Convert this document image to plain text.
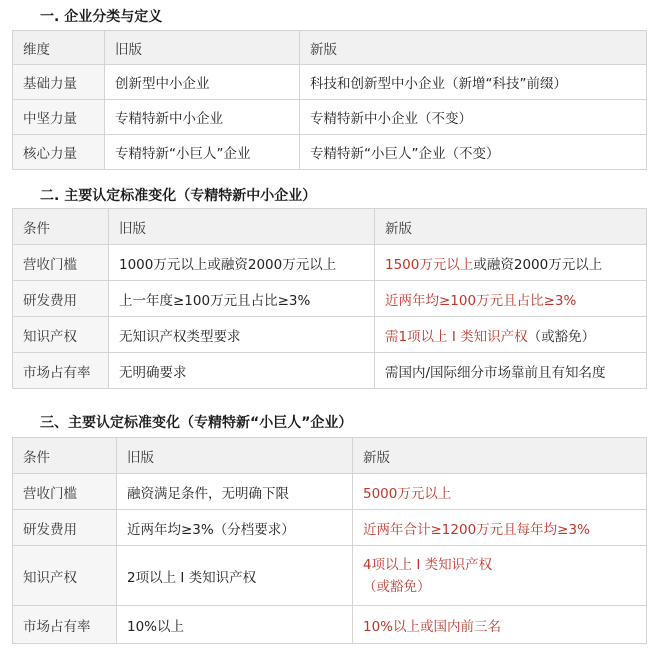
一. 企业分类与定义
维度	旧版	新版
基础力量	创新型中小企业	科技和创新型中小企业（新增“科技”前缀）
中坚力量	专精特新中小企业	专精特新中小企业（不变）
核心力量	专精特新“小巨人”企业	专精特新“小巨人”企业（不变）
二. 主要认定标准变化（专精特新中小企业）
条件	旧版	新版
营收门槛	1000万元以上或融资2000万元以上	1500万元以上或融资2000万元以上
研发费用	上一年度≥100万元且占比≥3%	近两年均≥100万元且占比≥3%
知识产权	无知识产权类型要求	需1项以上 I 类知识产权（或豁免）
市场占有率	无明确要求	需国内/国际细分市场靠前且有知名度
三、主要认定标准变化（专精特新“小巨人”企业）
条件	旧版	新版
营收门槛	融资满足条件，无明确下限	5000万元以上
研发费用	近两年均≥3%（分档要求）	近两年合计≥1200万元且每年均≥3%
知识产权	2项以上 I 类知识产权	4项以上 I 类知识产权
（或豁免）

市场占有率	10%以上	10%以上或国内前三名
